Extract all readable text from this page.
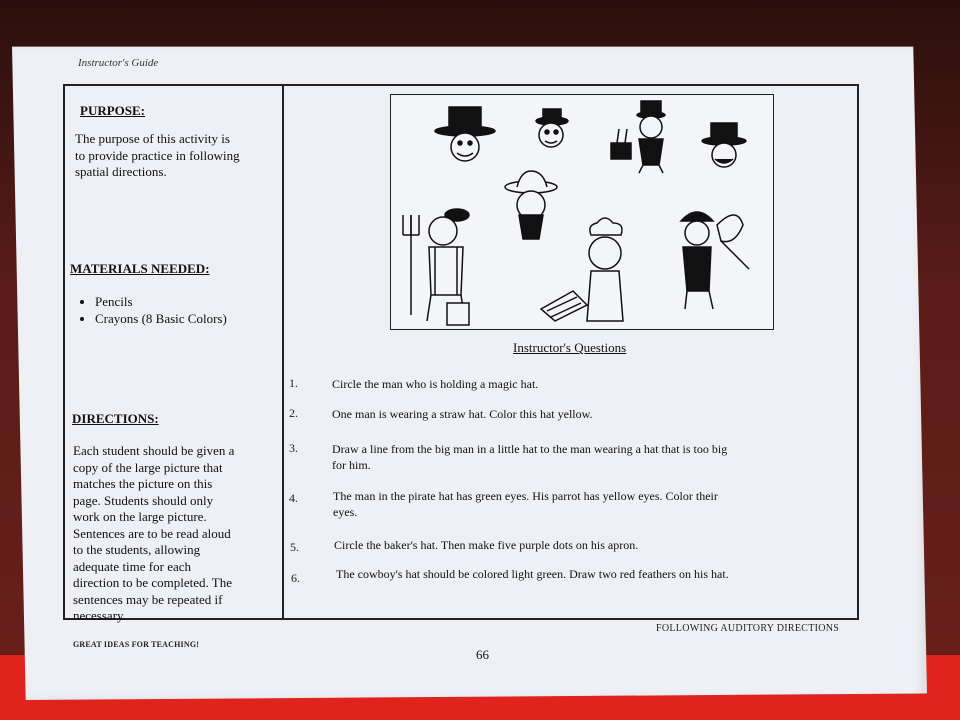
Instructor's Guide
PURPOSE:
The purpose of this activity is
to provide practice in following
spatial directions.
MATERIALS NEEDED:
• Pencils
• Crayons (8 Basic Colors)
DIRECTIONS:
Each student should be given a
copy of the large picture that
matches the picture on this
page. Students should only
work on the large picture.
Sentences are to be read aloud
to the students, allowing
adequate time for each
direction to be completed. The
sentences may be repeated if
necessary.
Instructor's Questions
1.	Circle the man who is holding a magic hat.
2.	One man is wearing a straw hat. Color this hat yellow.
3.	Draw a line from the big man in a little hat to the man wearing a hat that is too big
for him.
4.	The man in the pirate hat has green eyes. His parrot has yellow eyes. Color their
eyes.
5.	Circle the baker's hat. Then make five purple dots on his apron.
6.	The cowboy's hat should be colored light green. Draw two red feathers on his hat.
GREAT IDEAS FOR TEACHING!
FOLLOWING AUDITORY DIRECTIONS
66
